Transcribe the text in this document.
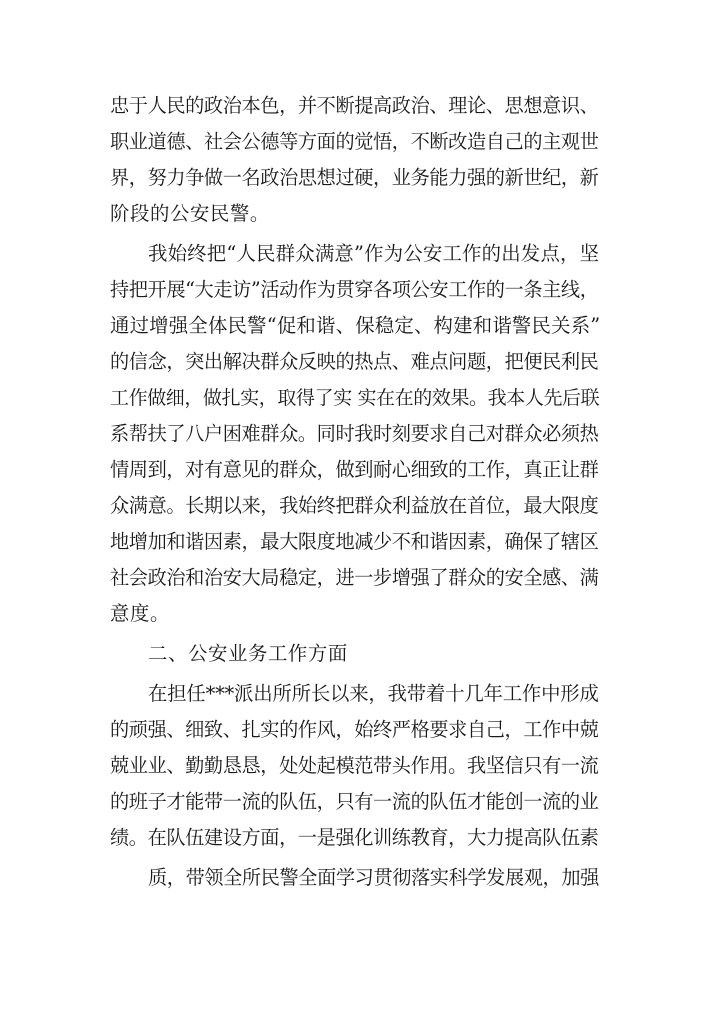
忠于人民的政治本色，并不断提高政治、理论、思想意识、
职业道德、社会公德等方面的觉悟，不断改造自己的主观世
界，努力争做一名政治思想过硬，业务能力强的新世纪，新
阶段的公安民警。
我始终把“人民群众满意”作为公安工作的出发点，坚
持把开展“大走访”活动作为贯穿各项公安工作的一条主线，
通过增强全体民警“促和谐、保稳定、构建和谐警民关系”
的信念，突出解决群众反映的热点、难点问题，把便民利民
工作做细，做扎实，取得了实 实在在的效果。我本人先后联
系帮扶了八户困难群众。同时我时刻要求自己对群众必须热
情周到，对有意见的群众，做到耐心细致的工作，真正让群
众满意。长期以来，我始终把群众利益放在首位，最大限度
地增加和谐因素，最大限度地减少不和谐因素，确保了辖区
社会政治和治安大局稳定，进一步增强了群众的安全感、满
意度。
二、公安业务工作方面
在担任***派出所所长以来，我带着十几年工作中形成
的顽强、细致、扎实的作风，始终严格要求自己，工作中兢
兢业业、勤勤恳恳，处处起模范带头作用。我坚信只有一流
的班子才能带一流的队伍，只有一流的队伍才能创一流的业
绩。在队伍建设方面，一是强化训练教育，大力提高队伍素
质，带领全所民警全面学习贯彻落实科学发展观，加强
